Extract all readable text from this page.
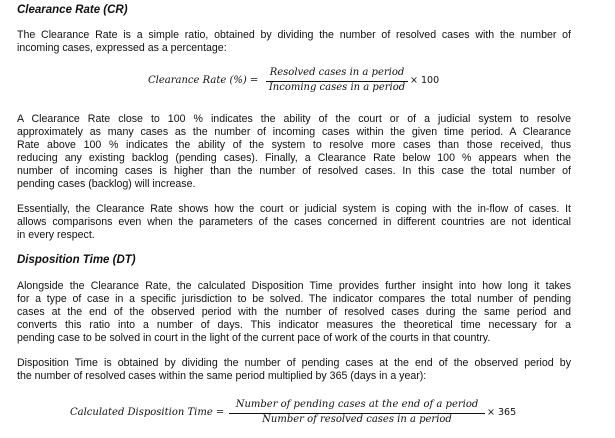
Clearance Rate (CR)
The Clearance Rate is a simple ratio, obtained by dividing the number of resolved cases with the number of
incoming cases, expressed as a percentage:
Clearance Rate (%) =
Resolved cases in a period
Incoming cases in a period
× 100
A Clearance Rate close to 100 % indicates the ability of the court or of a judicial system to resolve
approximately as many cases as the number of incoming cases within the given time period. A Clearance
Rate above 100 % indicates the ability of the system to resolve more cases than those received, thus
reducing any existing backlog (pending cases). Finally, a Clearance Rate below 100 % appears when the
number of incoming cases is higher than the number of resolved cases. In this case the total number of
pending cases (backlog) will increase.
Essentially, the Clearance Rate shows how the court or judicial system is coping with the in-flow of cases. It
allows comparisons even when the parameters of the cases concerned in different countries are not identical
in every respect.
Disposition Time (DT)
Alongside the Clearance Rate, the calculated Disposition Time provides further insight into how long it takes
for a type of case in a specific jurisdiction to be solved. The indicator compares the total number of pending
cases at the end of the observed period with the number of resolved cases during the same period and
converts this ratio into a number of days. This indicator measures the theoretical time necessary for a
pending case to be solved in court in the light of the current pace of work of the courts in that country.
Disposition Time is obtained by dividing the number of pending cases at the end of the observed period by
the number of resolved cases within the same period multiplied by 365 (days in a year):
Calculated Disposition Time =
Number of pending cases at the end of a period
Number of resolved cases in a period
× 365
